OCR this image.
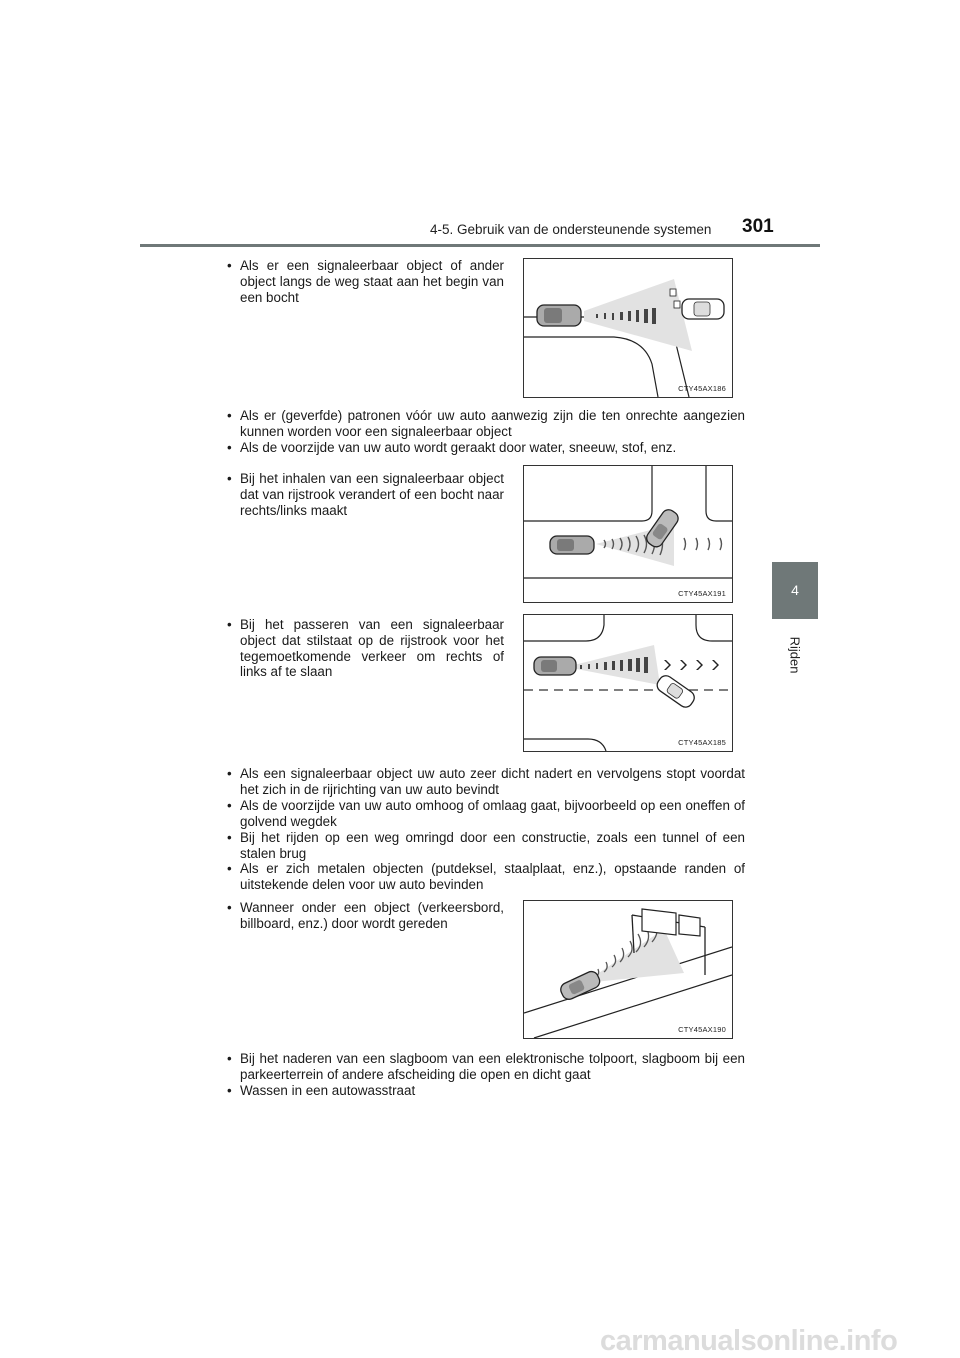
4-5. Gebruik van de ondersteunende systemen 301
4
Rijden
• Als er een signaleerbaar object of ander object langs de weg staat aan het begin van een bocht
• Als er (geverfde) patronen vóór uw auto aanwezig zijn die ten onrechte aangezien kunnen worden voor een signaleerbaar object
• Als de voorzijde van uw auto wordt geraakt door water, sneeuw, stof, enz.
• Bij het inhalen van een signaleerbaar object dat van rijstrook verandert of een bocht naar rechts/links maakt
• Bij het passeren van een signaleerbaar object dat stilstaat op de rijstrook voor het tegemoetkomende verkeer om rechts of links af te slaan
• Als een signaleerbaar object uw auto zeer dicht nadert en vervolgens stopt voordat het zich in de rijrichting van uw auto bevindt
• Als de voorzijde van uw auto omhoog of omlaag gaat, bijvoorbeeld op een oneffen of golvend wegdek
• Bij het rijden op een weg omringd door een constructie, zoals een tunnel of een stalen brug
• Als er zich metalen objecten (putdeksel, staalplaat, enz.), opstaande randen of uitstekende delen voor uw auto bevinden
• Wanneer onder een object (verkeersbord, billboard, enz.) door wordt gereden
• Bij het naderen van een slagboom van een elektronische tolpoort, slagboom bij een parkeerterrein of andere afscheiding die open en dicht gaat
• Wassen in een autowasstraat
CTY45AX186
CTY45AX191
CTY45AX185
CTY45AX190
carmanualsonline.info
